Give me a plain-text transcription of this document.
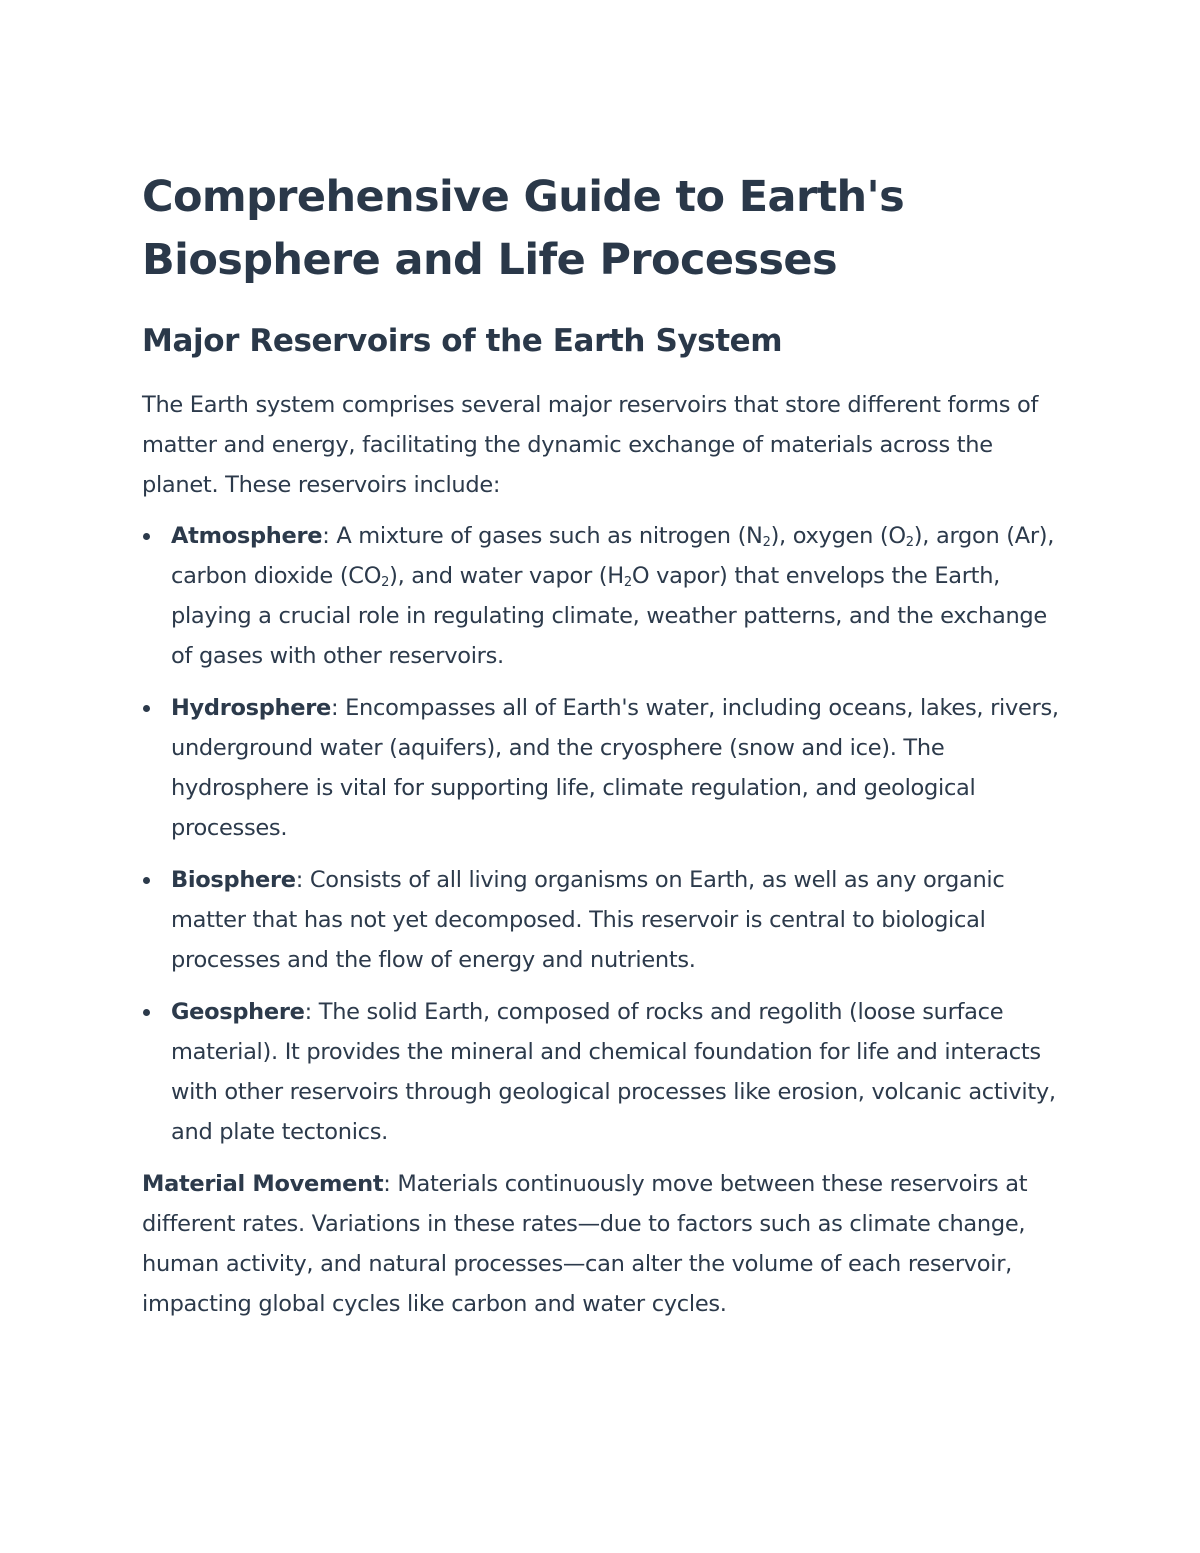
Comprehensive Guide to Earth's Biosphere and Life Processes
Major Reservoirs of the Earth System

The Earth system comprises several major reservoirs that store different forms of matter and energy, facilitating the dynamic exchange of materials across the planet. These reservoirs include:

Atmosphere: A mixture of gases such as nitrogen $(N_2)$, oxygen $(O_2)$, argon (Ar), carbon dioxide $(CO_2)$, and water vapor ($H_2O$ vapor) that envelops the Earth, playing a crucial role in regulating climate, weather patterns, and the exchange of gases with other reservoirs.
Hydrosphere: Encompasses all of Earth's water, including oceans, lakes, rivers, underground water (aquifers), and the cryosphere (snow and ice). The hydrosphere is vital for supporting life, climate regulation, and geological processes.
Biosphere: Consists of all living organisms on Earth, as well as any organic matter that has not yet decomposed. This reservoir is central to biological processes and the flow of energy and nutrients.
Geosphere: The solid Earth, composed of rocks and regolith (loose surface material). It provides the mineral and chemical foundation for life and interacts with other reservoirs through geological processes like erosion, volcanic activity, and plate tectonics.

Material Movement: Materials continuously move between these reservoirs at different rates. Variations in these rates—due to factors such as climate change, human activity, and natural processes—can alter the volume of each reservoir, impacting global cycles like carbon and water cycles.
